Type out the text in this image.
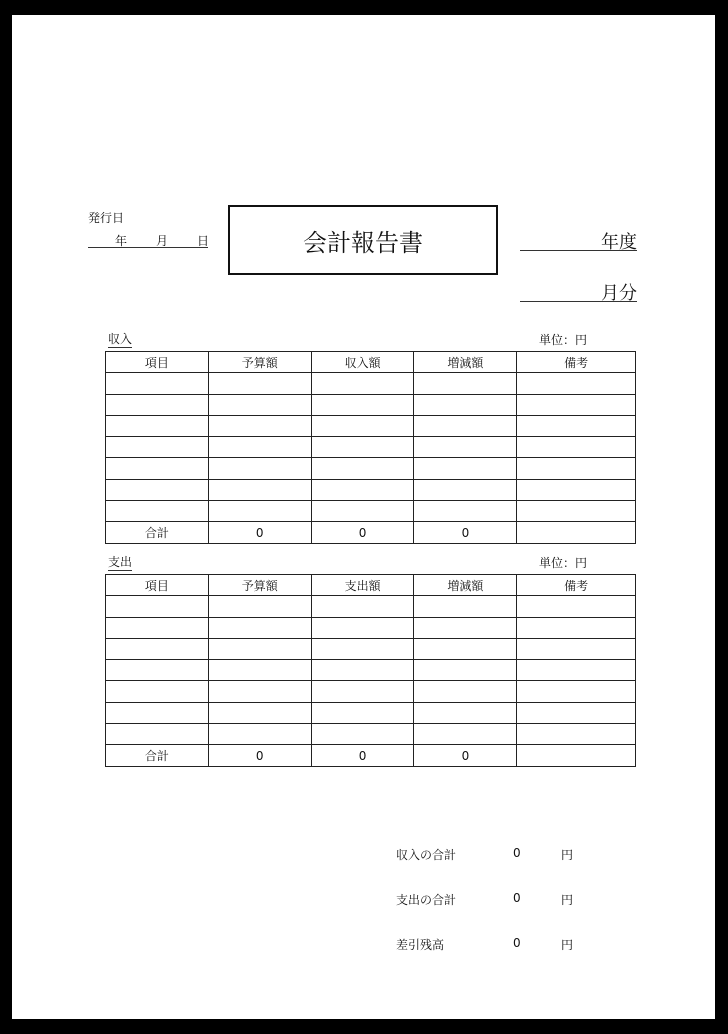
発行日
年 月 日	会計報告書	年度
月分
収入	単位：円
項目	予算額	収入額	増減額	備考

合計	0	0	0	
支出	単位：円
項目	予算額	支出額	増減額	備考

合計	0	0	0	
収入の合計	0	円
支出の合計	0	円
差引残高	0	円
